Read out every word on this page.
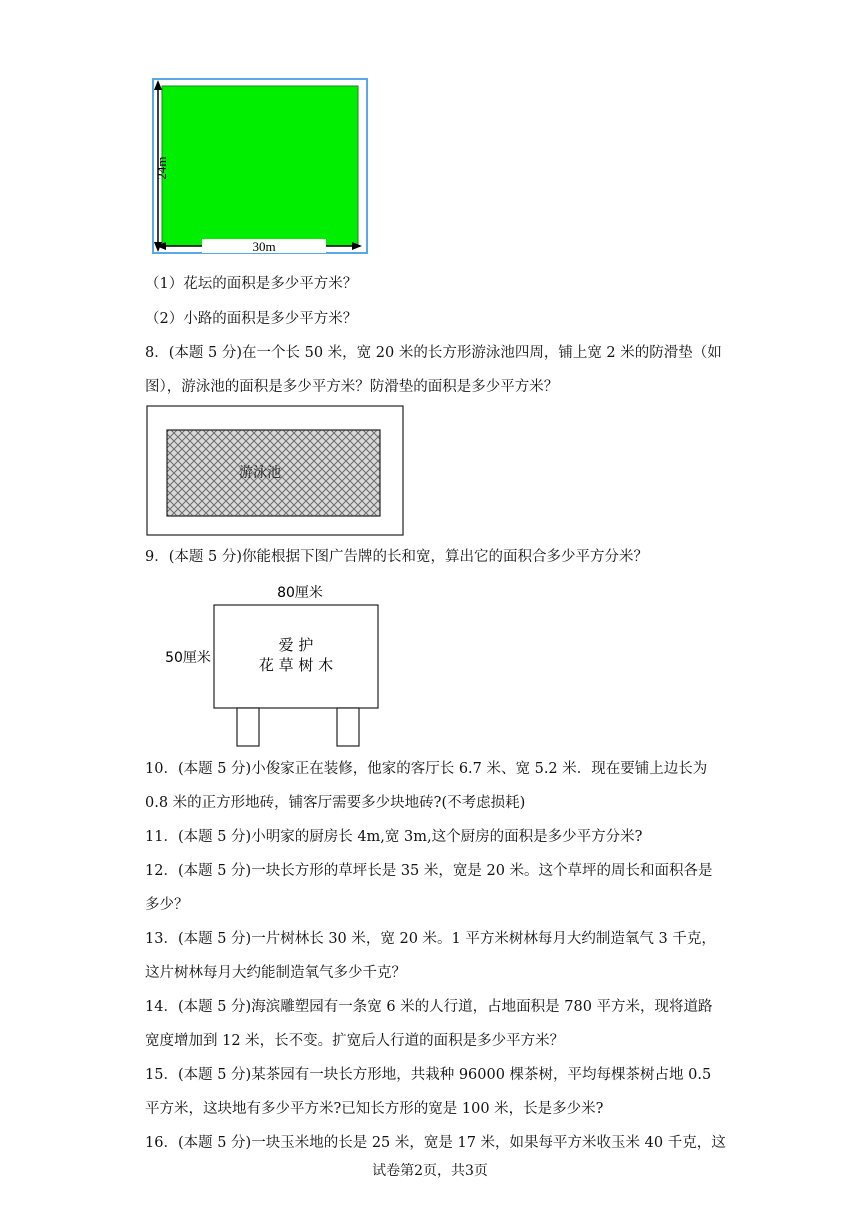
30m
24m
（1）花坛的面积是多少平方米？
（2）小路的面积是多少平方米？
8．(本题 5 分)在一个长 50 米，宽 20 米的长方形游泳池四周，铺上宽 2 米的防滑垫（如
图），游泳池的面积是多少平方米？防滑垫的面积是多少平方米？
游泳池
9．(本题 5 分)你能根据下图广告牌的长和宽，算出它的面积合多少平方分米？
80厘米
50厘米
爱 护
花 草 树 木
10．(本题 5 分)小俊家正在装修，他家的客厅长 6.7 米、宽 5.2 米．现在要铺上边长为
0.8 米的正方形地砖，铺客厅需要多少块地砖?(不考虑损耗)
11．(本题 5 分)小明家的厨房长 4m,宽 3m,这个厨房的面积是多少平方分米?
12．(本题 5 分)一块长方形的草坪长是 35 米，宽是 20 米。这个草坪的周长和面积各是
多少？
13．(本题 5 分)一片树林长 30 米，宽 20 米。1 平方米树林每月大约制造氧气 3 千克，
这片树林每月大约能制造氧气多少千克？
14．(本题 5 分)海滨雕塑园有一条宽 6 米的人行道，占地面积是 780 平方米，现将道路
宽度增加到 12 米，长不变。扩宽后人行道的面积是多少平方米？
15．(本题 5 分)某茶园有一块长方形地，共栽种 96000 棵茶树，平均每棵茶树占地 0.5
平方米，这块地有多少平方米?已知长方形的宽是 100 米，长是多少米?
16．(本题 5 分)一块玉米地的长是 25 米，宽是 17 米，如果每平方米收玉米 40 千克，这
试卷第2页，共3页
